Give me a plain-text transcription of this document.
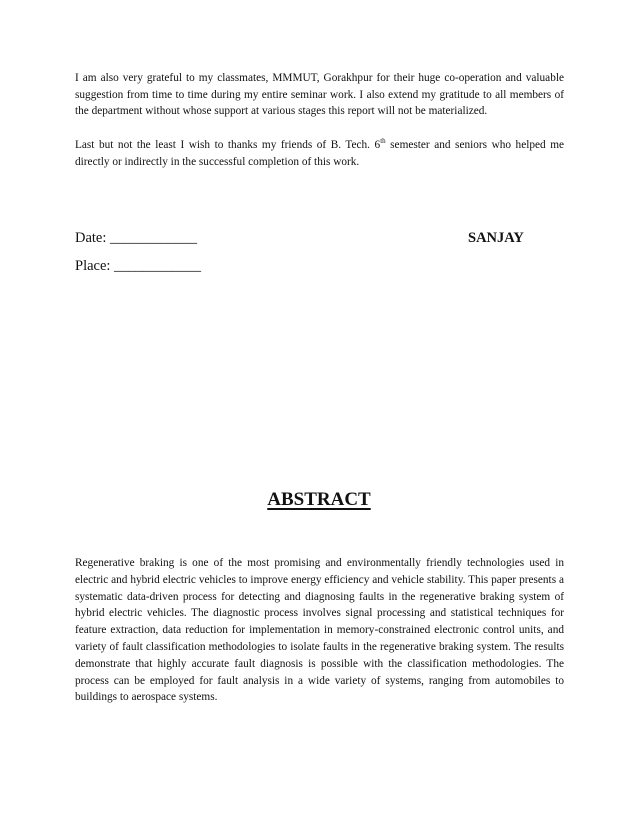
I am also very grateful to my classmates, MMMUT, Gorakhpur for their huge co-operation and valuable suggestion from time to time during my entire seminar work. I also extend my gratitude to all members of the department without whose support at various stages this report will not be materialized.

Last but not the least I wish to thanks my friends of B. Tech. 6th semester and seniors who helped me directly or indirectly in the successful completion of this work.

Date: ____________	SANJAY

Place: ____________

ABSTRACT

Regenerative braking is one of the most promising and environmentally friendly technologies used in electric and hybrid electric vehicles to improve energy efficiency and vehicle stability. This paper presents a systematic data-driven process for detecting and diagnosing faults in the regenerative braking system of hybrid electric vehicles. The diagnostic process involves signal processing and statistical techniques for feature extraction, data reduction for implementation in memory-constrained electronic control units, and variety of fault classification methodologies to isolate faults in the regenerative braking system. The results demonstrate that highly accurate fault diagnosis is possible with the classification methodologies. The process can be employed for fault analysis in a wide variety of systems, ranging from automobiles to buildings to aerospace systems.
